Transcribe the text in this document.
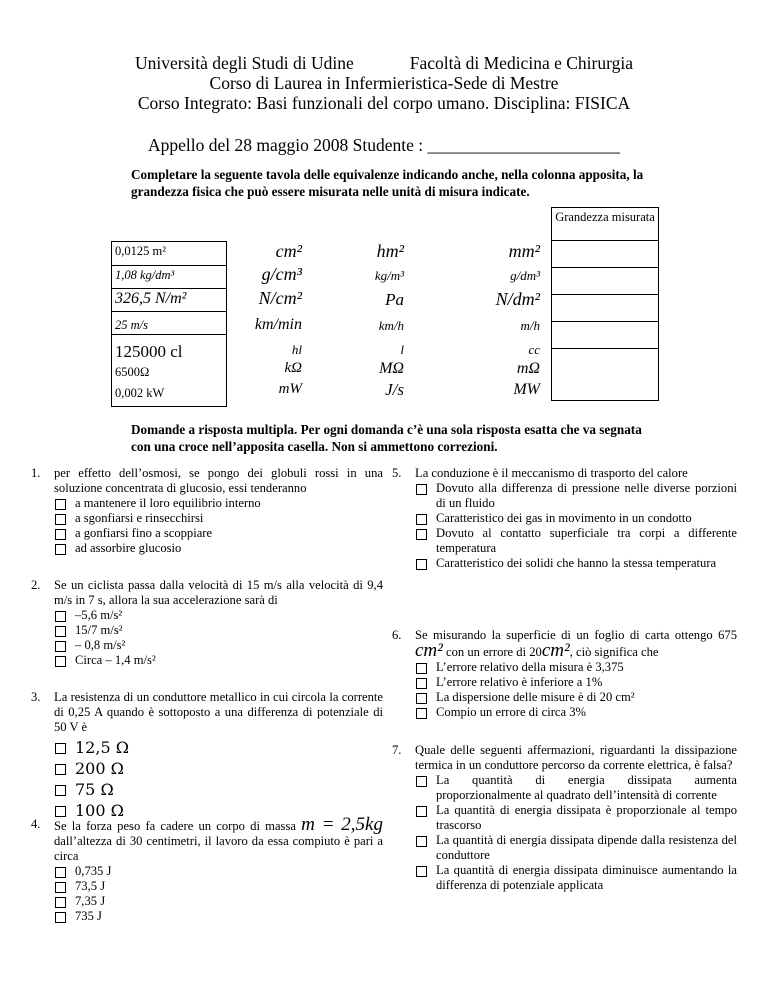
Università degli Studi di Udine	Facoltà di Medicina e Chirurgia
Corso di Laurea in Infermieristica-Sede di Mestre
Corso Integrato: Basi funzionali del corpo umano. Disciplina: FISICA
Appello del 28 maggio 2008 Studente : ______________________
Completare la seguente tavola delle equivalenze indicando anche, nella colonna apposita, la grandezza fisica che può essere misurata nelle unità di misura indicate.
Grandezza misurata
0,0125 m²
1,08 kg/dm³
326,5 N/m²
25 m/s
125000 cl
6500Ω
0,002 kW
cm²
g/cm³
N/cm²
km/min
hl
kΩ
mW
hm²
kg/m³
Pa
km/h
l
MΩ
J/s
mm²
g/dm³
N/dm²
m/h
cc
mΩ
MW
Domande a risposta multipla. Per ogni domanda c’è una sola risposta esatta che va segnata con una croce nell’apposita casella. Non si ammettono correzioni.
1. per effetto dell’osmosi, se pongo dei globuli rossi in una soluzione concentrata di glucosio, essi tenderanno
a mantenere il loro equilibrio interno
a sgonfiarsi e rinsecchirsi
a gonfiarsi fino a scoppiare
ad assorbire glucosio
2. Se un ciclista passa dalla velocità di 15 m/s alla velocità di 9,4 m/s in 7 s, allora la sua accelerazione sarà di
–5,6 m/s²
15/7 m/s²
– 0,8 m/s²
Circa – 1,4 m/s²
3. La resistenza di un conduttore metallico in cui circola la corrente di 0,25 A quando è sottoposto a una differenza di potenziale di 50 V è
12,5 Ω
200 Ω
75 Ω
100 Ω
4. Se la forza peso fa cadere un corpo di massa m = 2,5kg dall’altezza di 30 centimetri, il lavoro da essa compiuto è pari a circa
0,735 J
73,5 J
7,35 J
735 J
5. La conduzione è il meccanismo di trasporto del calore
Dovuto alla differenza di pressione nelle diverse porzioni di un fluido
Caratteristico dei gas in movimento in un condotto
Dovuto al contatto superficiale tra corpi a differente temperatura
Caratteristico dei solidi che hanno la stessa temperatura
6. Se misurando la superficie di un foglio di carta ottengo 675 cm² con un errore di 20cm², ciò significa che
L’errore relativo della misura è 3,375
L’errore relativo è inferiore a 1%
La dispersione delle misure è di 20 cm²
Compio un errore di circa 3%
7. Quale delle seguenti affermazioni, riguardanti la dissipazione termica in un conduttore percorso da corrente elettrica, è falsa?
La quantità di energia dissipata aumenta proporzionalmente al quadrato dell’intensità di corrente
La quantità di energia dissipata è proporzionale al tempo trascorso
La quantità di energia dissipata dipende dalla resistenza del conduttore
La quantità di energia dissipata diminuisce aumentando la differenza di potenziale applicata
